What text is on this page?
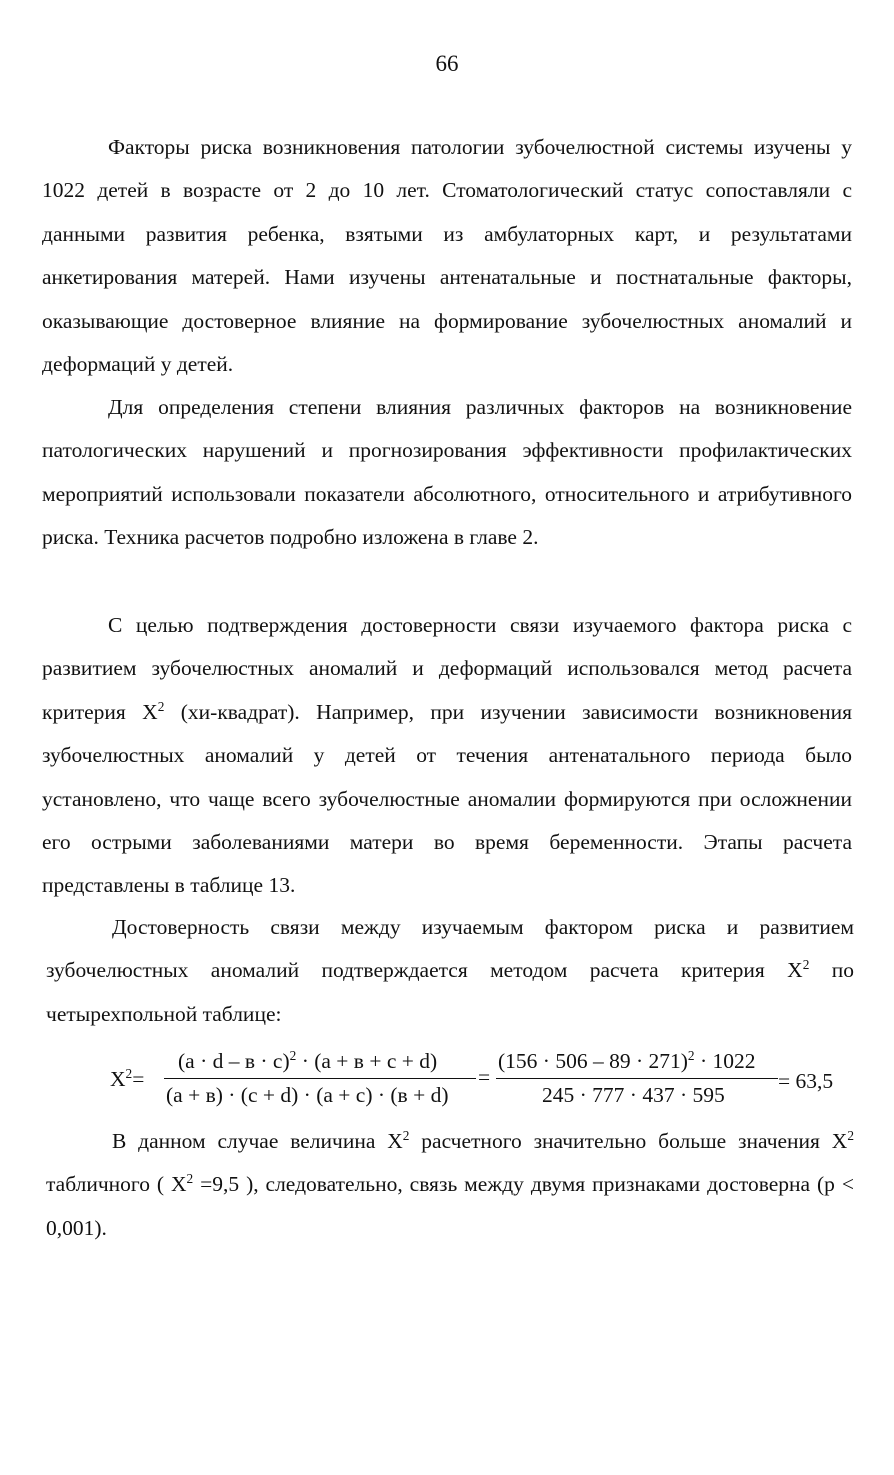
66

Факторы риска возникновения патологии зубочелюстной системы изучены у 1022 детей в возрасте от 2 до 10 лет. Стоматологический статус сопоставляли с данными развития ребенка, взятыми из амбулаторных карт, и результатами анкетирования матерей. Нами изучены антенатальные и постнатальные факторы, оказывающие достоверное влияние на формирование зубочелюстных аномалий и деформаций у детей.

Для определения степени влияния различных факторов на возникновение патологических нарушений и прогнозирования эффективности профилактических мероприятий использовали показатели абсолютного, относительного и атрибутивного риска. Техника расчетов подробно изложена в главе 2.

С целью подтверждения достоверности связи изучаемого фактора риска с развитием зубочелюстных аномалий и деформаций использовался метод расчета критерия $X^2$ (хи-квадрат). Например, при изучении зависимости возникновения зубочелюстных аномалий у детей от течения антенатального периода было установлено, что чаще всего зубочелюстные аномалии формируются при осложнении его острыми заболеваниями матери во время беременности. Этапы расчета представлены в таблице 13.

Достоверность связи между изучаемым фактором риска и развитием зубочелюстных аномалий подтверждается методом расчета критерия $X^2$ по четырехпольной таблице:

$X^2=$
$(a \cdot d - в \cdot c)^2 \cdot (a + в + c + d)$
(a + в) · (c + d) · (a + c) · (в + d)
=
$(156 \cdot 506 - 89 \cdot 271)^2 \cdot 1022$
245 · 777 · 437 · 595
= 63,5

В данном случае величина $X^2$ расчетного значительно больше значения $X^2$ табличного ( $X^2 =9,5$ ), следовательно, связь между двумя признаками достоверна (p < 0,001).
